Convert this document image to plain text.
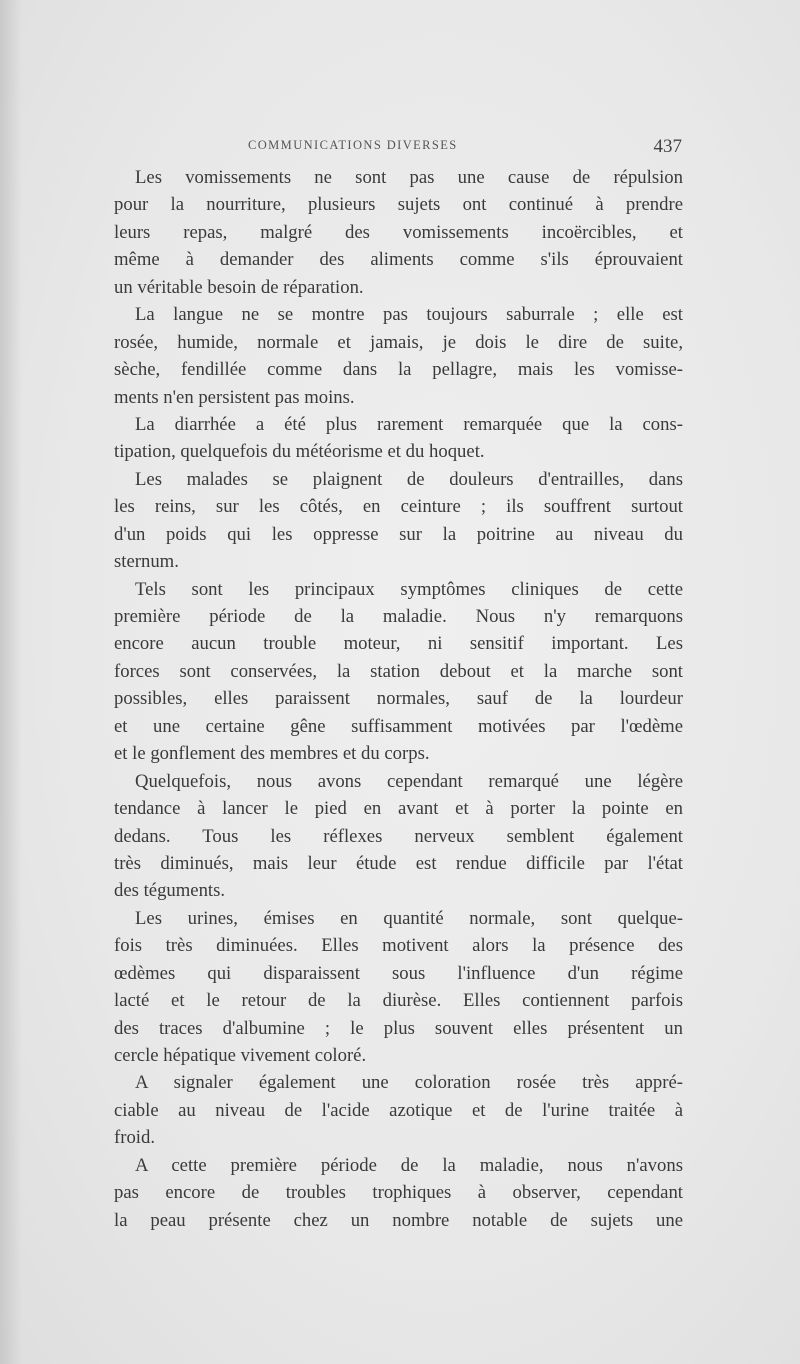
COMMUNICATIONS DIVERSES	437
Les vomissements ne sont pas une cause de répulsion
pour la nourriture, plusieurs sujets ont continué à prendre
leurs repas, malgré des vomissements incoërcibles, et
même à demander des aliments comme s'ils éprouvaient
un véritable besoin de réparation.
La langue ne se montre pas toujours saburrale ; elle est
rosée, humide, normale et jamais, je dois le dire de suite,
sèche, fendillée comme dans la pellagre, mais les vomisse-
ments n'en persistent pas moins.
La diarrhée a été plus rarement remarquée que la cons-
tipation, quelquefois du météorisme et du hoquet.
Les malades se plaignent de douleurs d'entrailles, dans
les reins, sur les côtés, en ceinture ; ils souffrent surtout
d'un poids qui les oppresse sur la poitrine au niveau du
sternum.
Tels sont les principaux symptômes cliniques de cette
première période de la maladie. Nous n'y remarquons
encore aucun trouble moteur, ni sensitif important. Les
forces sont conservées, la station debout et la marche sont
possibles, elles paraissent normales, sauf de la lourdeur
et une certaine gêne suffisamment motivées par l'œdème
et le gonflement des membres et du corps.
Quelquefois, nous avons cependant remarqué une légère
tendance à lancer le pied en avant et à porter la pointe en
dedans. Tous les réflexes nerveux semblent également
très diminués, mais leur étude est rendue difficile par l'état
des téguments.
Les urines, émises en quantité normale, sont quelque-
fois très diminuées. Elles motivent alors la présence des
œdèmes qui disparaissent sous l'influence d'un régime
lacté et le retour de la diurèse. Elles contiennent parfois
des traces d'albumine ; le plus souvent elles présentent un
cercle hépatique vivement coloré.
A signaler également une coloration rosée très appré-
ciable au niveau de l'acide azotique et de l'urine traitée à
froid.
A cette première période de la maladie, nous n'avons
pas encore de troubles trophiques à observer, cependant
la peau présente chez un nombre notable de sujets une
